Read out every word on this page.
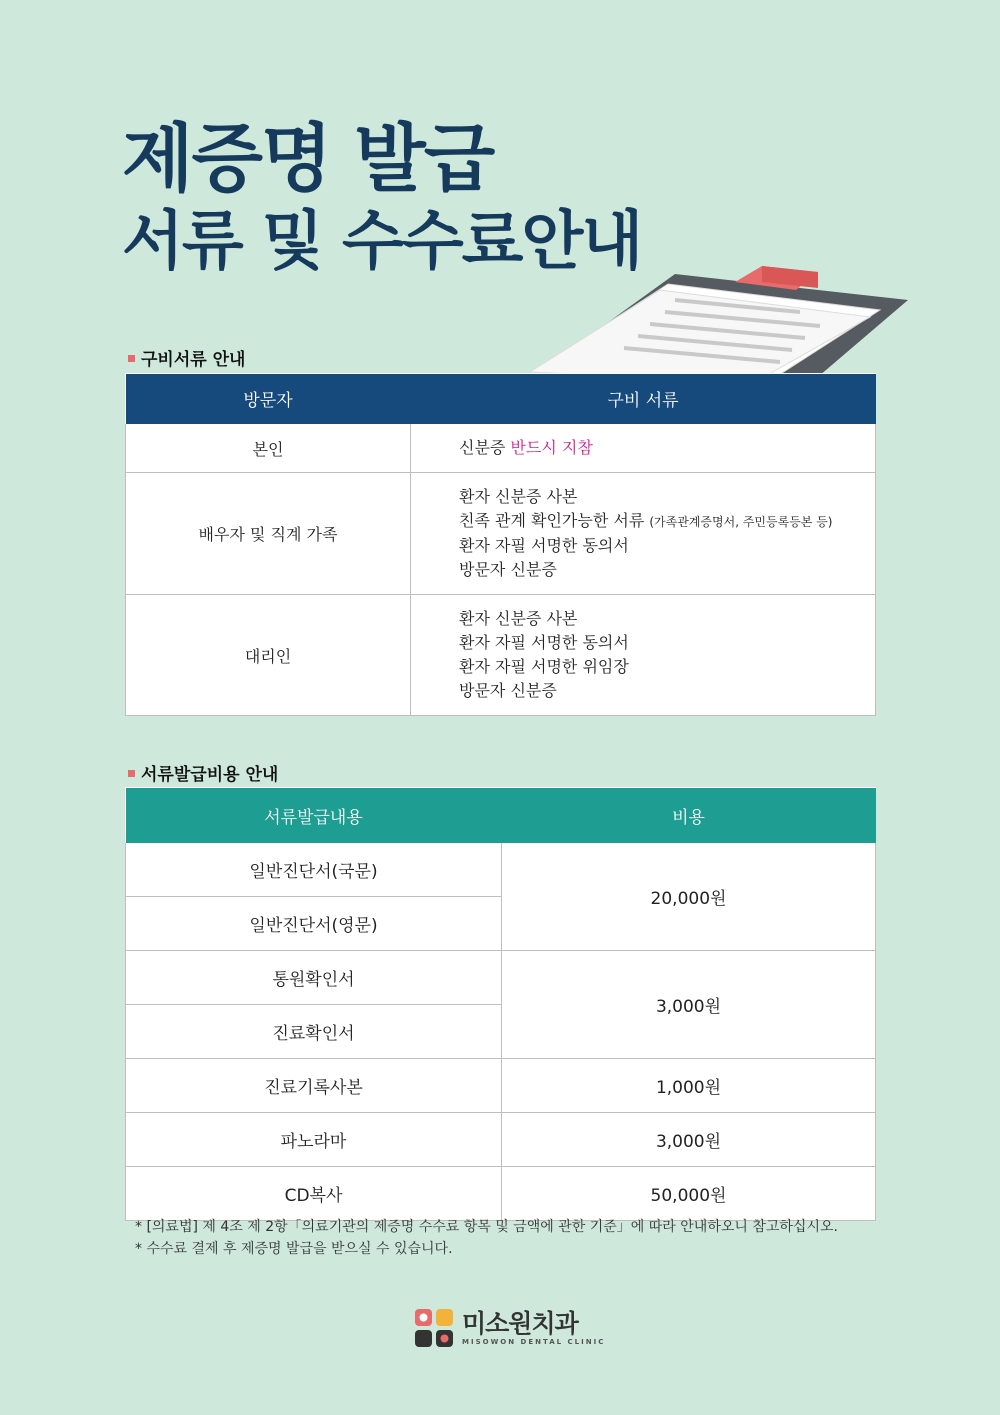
제증명 발급
서류 및 수수료안내
구비서류 안내
방문자	구비 서류
본인	신분증 반드시 지참

배우자 및 직계 가족	환자 신분증 사본
친족 관계 확인가능한 서류 (가족관계증명서, 주민등록등본 등)
환자 자필 서명한 동의서
방문자 신분증

대리인	환자 신분증 사본
환자 자필 서명한 동의서
환자 자필 서명한 위임장
방문자 신분증
서류발급비용 안내
서류발급내용	비용
일반진단서(국문)	20,000원
일반진단서(영문)	
통원확인서	3,000원
진료확인서	
진료기록사본	1,000원
파노라마	3,000원
CD복사	50,000원
* [의료법] 제 4조 제 2항「의료기관의 제증명 수수료 항목 및 금액에 관한 기준」에 따라 안내하오니 참고하십시오.
* 수수료 결제 후 제증명 발급을 받으실 수 있습니다.
미소원치과
MISOWON DENTAL CLINIC
